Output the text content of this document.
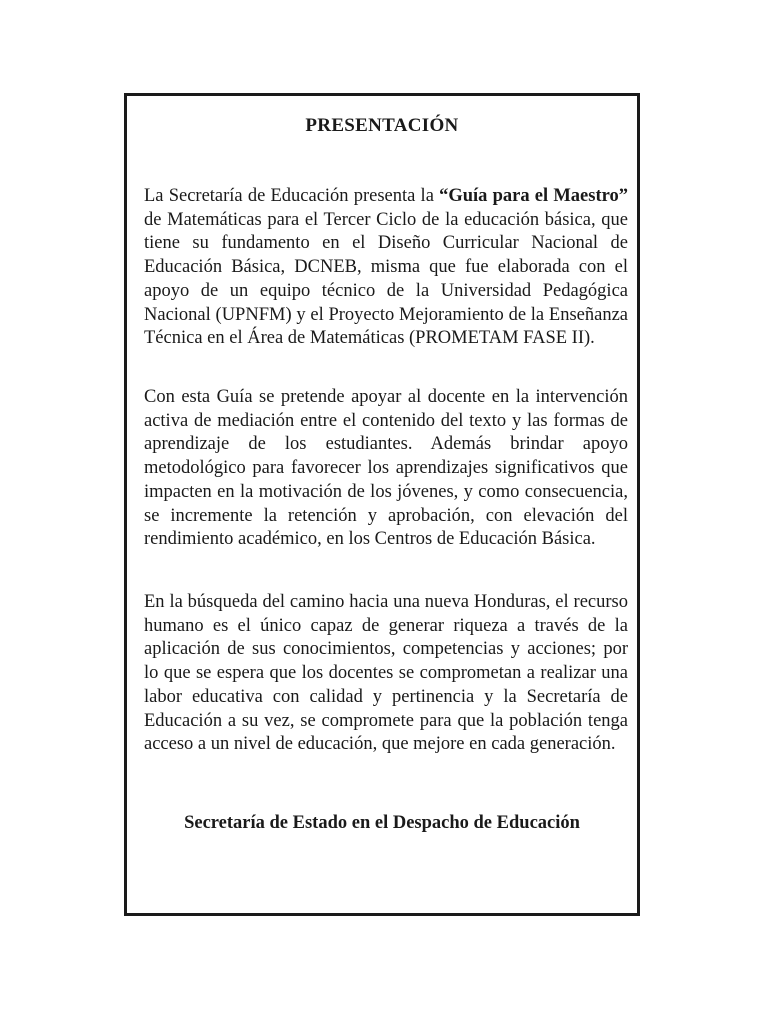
PRESENTACIÓN

La Secretaría de Educación presenta la “Guía para el Maestro” de Matemáticas para el Tercer Ciclo de la educación básica, que tiene su fundamento en el Diseño Curricular Nacional de Educación Básica, DCNEB, misma que fue elaborada con el apoyo de un equipo técnico de la Universidad Pedagógica Nacional (UPNFM) y el Proyecto Mejoramiento de la Enseñanza Técnica en el Área de Matemáticas (PROMETAM FASE II).

Con esta Guía se pretende apoyar al docente en la intervención activa de mediación entre el contenido del texto y las formas de aprendizaje de los estudiantes. Además brindar apoyo metodológico para favorecer los aprendizajes significativos que impacten en la motivación de los jóvenes, y como consecuencia, se incremente la retención y aprobación, con elevación del rendimiento académico, en los Centros de Educación Básica.

En la búsqueda del camino hacia una nueva Honduras, el recurso humano es el único capaz de generar riqueza a través de la aplicación de sus conocimientos, competencias y acciones; por lo que se espera que los docentes se comprometan a realizar una labor educativa con calidad y pertinencia y la Secretaría de Educación a su vez, se compromete para que la población tenga acceso a un nivel de educación, que mejore en cada generación.

Secretaría de Estado en el Despacho de Educación
